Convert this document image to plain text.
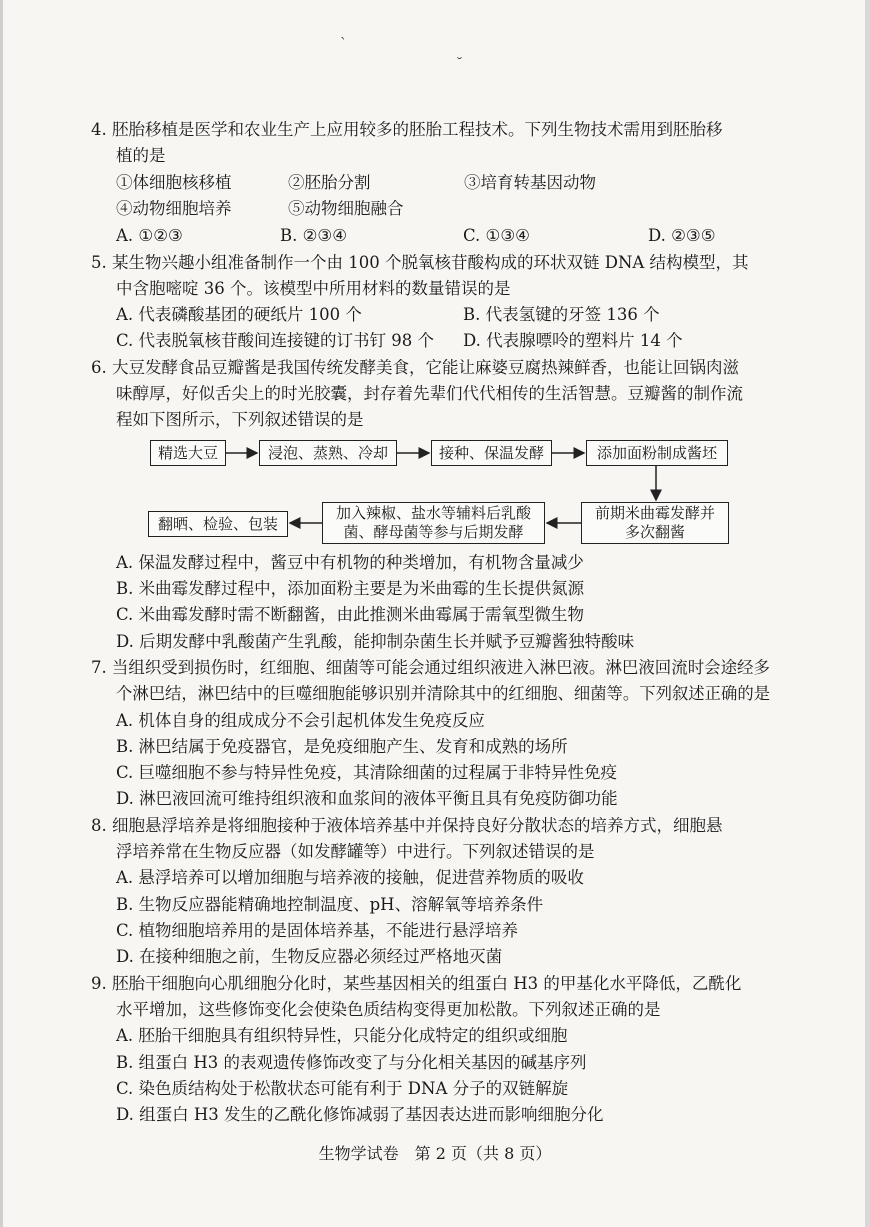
ˋ
˘
4. 胚胎移植是医学和农业生产上应用较多的胚胎工程技术。下列生物技术需用到胚胎移
植的是
①体细胞核移植	②胚胎分割	③培育转基因动物
④动物细胞培养	⑤动物细胞融合
A. ①②③	B. ②③④	C. ①③④	D. ②③⑤
5. 某生物兴趣小组准备制作一个由 100 个脱氧核苷酸构成的环状双链 DNA 结构模型，其
中含胞嘧啶 36 个。该模型中所用材料的数量错误的是
A. 代表磷酸基团的硬纸片 100 个	B. 代表氢键的牙签 136 个
C. 代表脱氧核苷酸间连接键的订书钉 98 个 D. 代表腺嘌呤的塑料片 14 个
6. 大豆发酵食品豆瓣酱是我国传统发酵美食，它能让麻婆豆腐热辣鲜香，也能让回锅肉滋
味醇厚，好似舌尖上的时光胶囊，封存着先辈们代代相传的生活智慧。豆瓣酱的制作流
程如下图所示，下列叙述错误的是
精选大豆	浸泡、蒸熟、冷却	接种、保温发酵	添加面粉制成酱坯
前期米曲霉发酵并
多次翻酱
加入辣椒、盐水等辅料后乳酸
菌、酵母菌等参与后期发酵
翻晒、检验、包装
A. 保温发酵过程中，酱豆中有机物的种类增加，有机物含量减少
B. 米曲霉发酵过程中，添加面粉主要是为米曲霉的生长提供氮源
C. 米曲霉发酵时需不断翻酱，由此推测米曲霉属于需氧型微生物
D. 后期发酵中乳酸菌产生乳酸，能抑制杂菌生长并赋予豆瓣酱独特酸味
7. 当组织受到损伤时，红细胞、细菌等可能会通过组织液进入淋巴液。淋巴液回流时会途经多
个淋巴结，淋巴结中的巨噬细胞能够识别并清除其中的红细胞、细菌等。下列叙述正确的是
A. 机体自身的组成成分不会引起机体发生免疫反应
B. 淋巴结属于免疫器官，是免疫细胞产生、发育和成熟的场所
C. 巨噬细胞不参与特异性免疫，其清除细菌的过程属于非特异性免疫
D. 淋巴液回流可维持组织液和血浆间的液体平衡且具有免疫防御功能
8. 细胞悬浮培养是将细胞接种于液体培养基中并保持良好分散状态的培养方式，细胞悬
浮培养常在生物反应器（如发酵罐等）中进行。下列叙述错误的是
A. 悬浮培养可以增加细胞与培养液的接触，促进营养物质的吸收
B. 生物反应器能精确地控制温度、pH、溶解氧等培养条件
C. 植物细胞培养用的是固体培养基，不能进行悬浮培养
D. 在接种细胞之前，生物反应器必须经过严格地灭菌
9. 胚胎干细胞向心肌细胞分化时，某些基因相关的组蛋白 H3 的甲基化水平降低，乙酰化
水平增加，这些修饰变化会使染色质结构变得更加松散。下列叙述正确的是
A. 胚胎干细胞具有组织特异性，只能分化成特定的组织或细胞
B. 组蛋白 H3 的表观遗传修饰改变了与分化相关基因的碱基序列
C. 染色质结构处于松散状态可能有利于 DNA 分子的双链解旋
D. 组蛋白 H3 发生的乙酰化修饰减弱了基因表达进而影响细胞分化
生物学试卷　第 2 页（共 8 页）
